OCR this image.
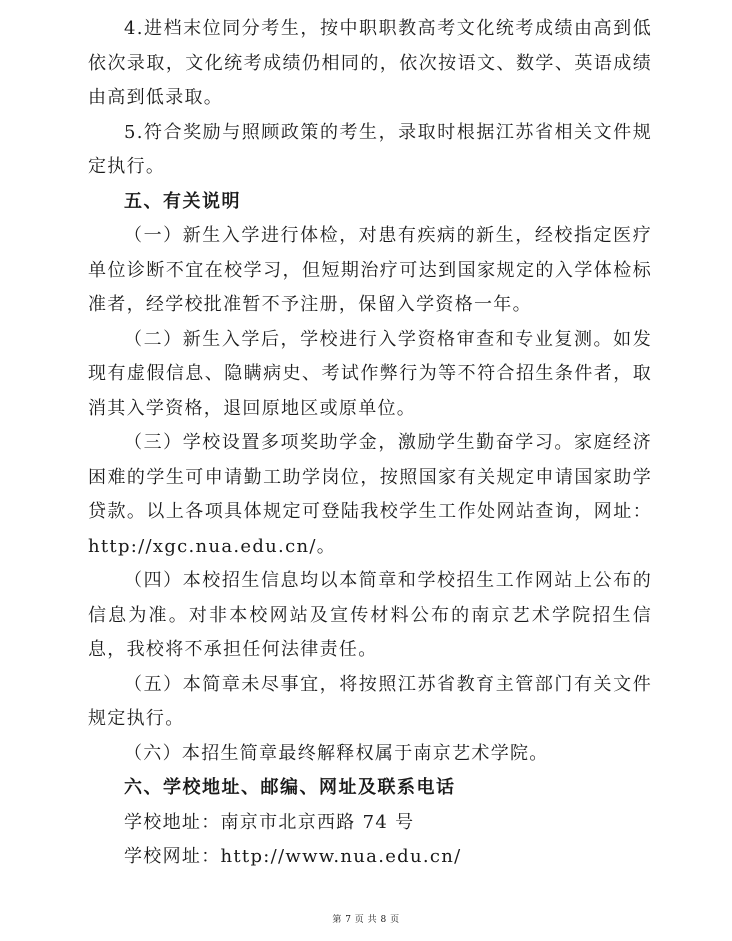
4.进档末位同分考生，按中职职教高考文化统考成绩由高到低依次录取，文化统考成绩仍相同的，依次按语文、数学、英语成绩由高到低录取。

5.符合奖励与照顾政策的考生，录取时根据江苏省相关文件规定执行。

五、有关说明

（一）新生入学进行体检，对患有疾病的新生，经校指定医疗单位诊断不宜在校学习，但短期治疗可达到国家规定的入学体检标准者，经学校批准暂不予注册，保留入学资格一年。

（二）新生入学后，学校进行入学资格审查和专业复测。如发现有虚假信息、隐瞒病史、考试作弊行为等不符合招生条件者，取消其入学资格，退回原地区或原单位。

（三）学校设置多项奖助学金，激励学生勤奋学习。家庭经济困难的学生可申请勤工助学岗位，按照国家有关规定申请国家助学贷款。以上各项具体规定可登陆我校学生工作处网站查询，网址：http://xgc.nua.edu.cn/。

（四）本校招生信息均以本简章和学校招生工作网站上公布的信息为准。对非本校网站及宣传材料公布的南京艺术学院招生信息，我校将不承担任何法律责任。

（五）本简章未尽事宜，将按照江苏省教育主管部门有关文件规定执行。

（六）本招生简章最终解释权属于南京艺术学院。

六、学校地址、邮编、网址及联系电话

学校地址：南京市北京西路 74 号

学校网址：http://www.nua.edu.cn/

第 7 页 共 8 页
